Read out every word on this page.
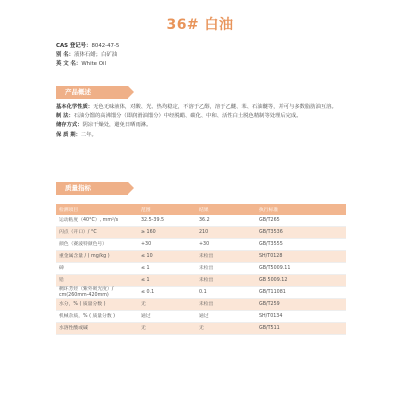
36# 白油
CAS 登记号：8042-47-5
别 名：液体石蜡；白矿油
英 文 名：White Oil
产品概述

基本化学性质：无色无味液体，对酸、光、热均稳定，不溶于乙醇，溶于乙醚、苯、石油醚等，并可与多数脂肪油互溶。

制 法：石油分馏的高沸馏分（即润滑油馏分）中经脱蜡、碳化、中和、活性白土脱色精制等处理后完成。

储存方式：阴凉干燥处，避免日晒雨淋。

保 质 期：二年。

质量指标
检测项目	范围	结果	执行标准
运动粘度（40°C）, mm²/s	32.5-39.5	36.2	GB/T265
闪点（开口）/ °C	≥ 160	210	GB/T3536
颜色（赛波特颜色号）	+30	+30	GB/T3555
重金属含量 / ( mg/kg )	≤ 10	未检出	SH/T0128
砷	≤ 1	未检出	GB/T5009.11
铅	≤ 1	未检出	GB 5009.12
稠环芳烃（紫外吸光度）/ cm(260mm-420mm)	≤ 0.1	0.1	GB/T11081
水分，% ( 质量分数 )	无	未检出	GB/T259
机械杂质，% ( 质量分数 )	通过	通过	SH/T0134
水溶性酸或碱	无	无	GB/T511
